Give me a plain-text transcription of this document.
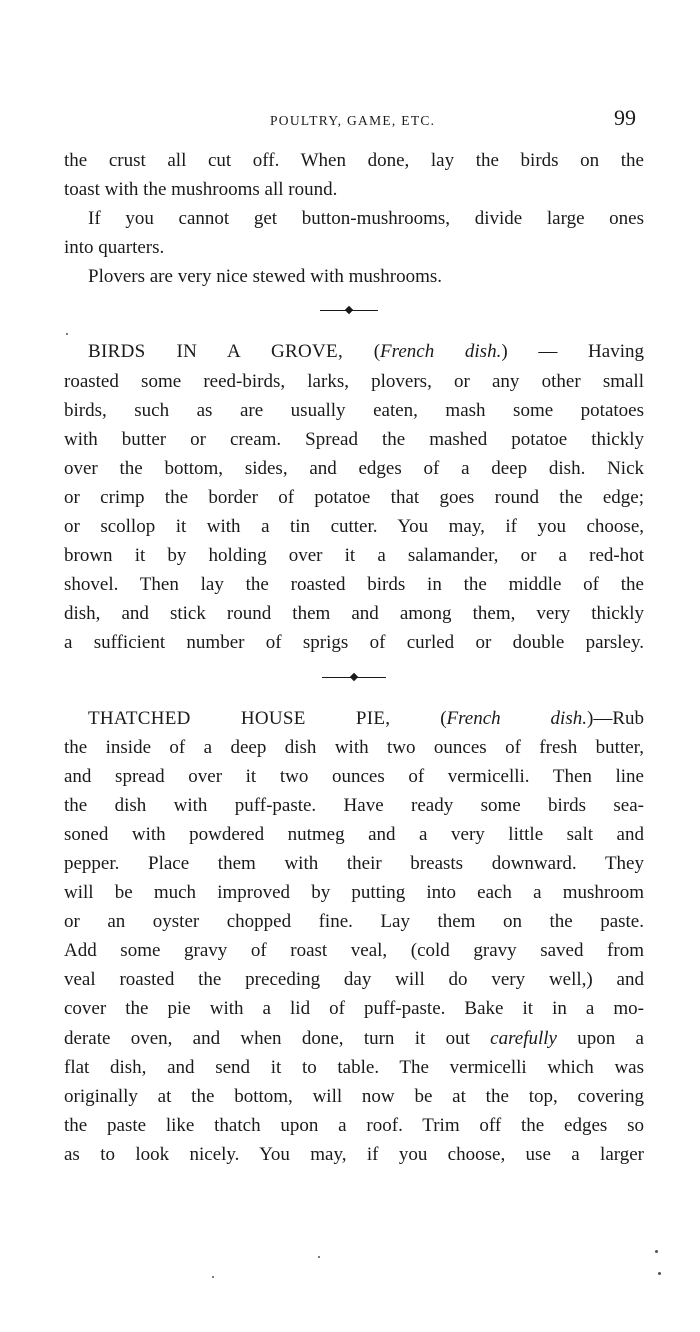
POULTRY, GAME, ETC.	99
the crust all cut off. When done, lay the birds on the
toast with the mushrooms all round.
If you cannot get button-mushrooms, divide large ones
into quarters.
Plovers are very nice stewed with mushrooms.
BIRDS IN A GROVE, (French dish.) — Having
roasted some reed-birds, larks, plovers, or any other small
birds, such as are usually eaten, mash some potatoes
with butter or cream. Spread the mashed potatoe thickly
over the bottom, sides, and edges of a deep dish. Nick
or crimp the border of potatoe that goes round the edge;
or scollop it with a tin cutter. You may, if you choose,
brown it by holding over it a salamander, or a red-hot
shovel. Then lay the roasted birds in the middle of the
dish, and stick round them and among them, very thickly
a sufficient number of sprigs of curled or double parsley.
THATCHED HOUSE PIE,	(French dish.)—Rub
the inside of a deep dish with two ounces of fresh butter,
and spread over it two ounces of vermicelli. Then line
the dish with puff-paste. Have ready some birds sea-
soned with powdered nutmeg and a very little salt and
pepper. Place them with their breasts downward. They
will be much improved by putting into each a mushroom
or an oyster chopped fine. Lay them on the paste.
Add some gravy of roast veal, (cold gravy saved from
veal roasted the preceding day will do very well,) and
cover the pie with a lid of puff-paste. Bake it in a mo-
derate oven, and when done, turn it out carefully upon a
flat dish, and send it to table. The vermicelli which was
originally at the bottom, will now be at the top, covering
the paste like thatch upon a roof. Trim off the edges so
as to look nicely. You may, if you choose, use a larger
